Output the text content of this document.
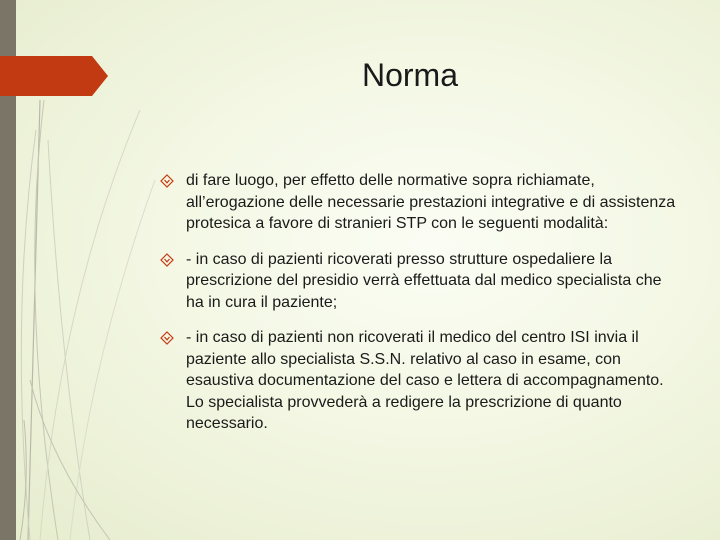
Norma
di fare luogo, per effetto delle normative sopra richiamate, all’erogazione delle necessarie prestazioni integrative e di assistenza protesica a favore di stranieri STP con le seguenti modalità:
- in caso di pazienti ricoverati presso strutture ospedaliere la prescrizione del presidio verrà effettuata dal medico specialista che ha in cura il paziente;
- in caso di pazienti non ricoverati il medico del centro ISI invia il paziente allo specialista S.S.N. relativo al caso in esame, con esaustiva documentazione del caso e lettera di accompagnamento. Lo specialista provvederà a redigere la prescrizione di quanto necessario.
